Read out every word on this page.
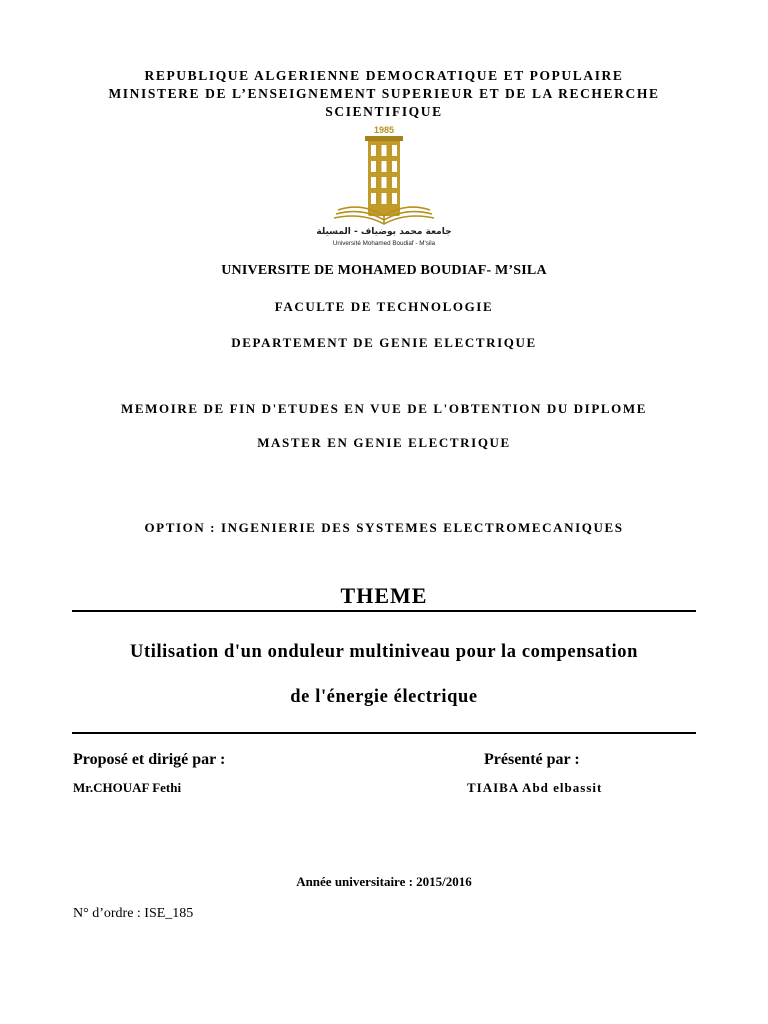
REPUBLIQUE ALGERIENNE DEMOCRATIQUE ET POPULAIRE
MINISTERE DE L’ENSEIGNEMENT SUPERIEUR ET DE LA RECHERCHE
SCIENTIFIQUE
1985
جامعة محمد بوضياف - المسيلة
Université Mohamed Boudiaf - M'sila
UNIVERSITE DE MOHAMED BOUDIAF- M’SILA
FACULTE DE TECHNOLOGIE
DEPARTEMENT DE GENIE ELECTRIQUE
MEMOIRE DE FIN D'ETUDES EN VUE DE L'OBTENTION DU DIPLOME
MASTER EN GENIE ELECTRIQUE
OPTION : INGENIERIE DES SYSTEMES ELECTROMECANIQUES
THEME
Utilisation d'un onduleur multiniveau pour la compensation
de l'énergie électrique
Proposé et dirigé par :
Mr.CHOUAF Fethi
Présenté par :
TIAIBA Abd elbassit
Année universitaire : 2015/2016
N° d’ordre : ISE_185
